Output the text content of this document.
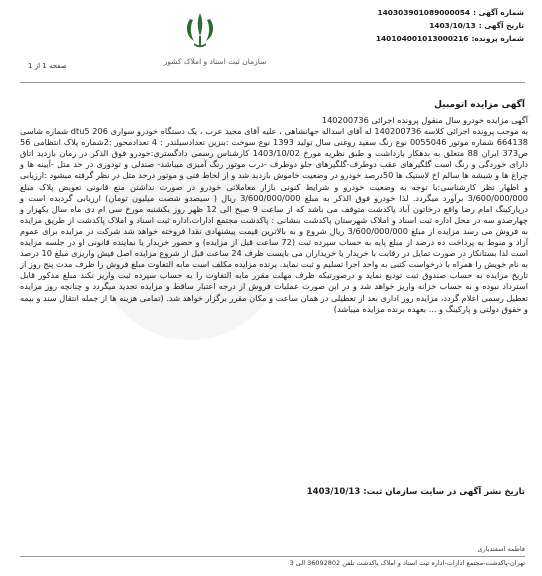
شماره آگهی :
140303901089000054
تاریخ آگهی :
1403/10/13
شماره پرونده:
140104001013000216
سازمان ثبت اسناد و املاک کشور
صفحه 1 از 1
آگهی مزایده اتومبیل

آگهی مزایده خودرو سال منقول پرونده اجرائی 140200736

به موجب پرونده اجرائی کلاسه 140200736 له آقای اسداله جهانشاهی ، علیه آقای مجید عرب ، یک دستگاه خودرو سواری 206 dtu5 شماره شاسی 664138 شماره موتور 0055046 نوع رنگ سفید روغنی سال تولید 1393 نوع سوخت :بنزین تعدادسیلندر : 4 تعدادمحور :2شماره پلاک انتظامی 56 ص373 ایران 88 متعلق به بدهکار بازداشت و طبق نظریه مورخ 1403/10/02 کارشناس رسمی دادگستری:خودرو فوق الذکر در زمان بازدید اتاق دارای خوردگی و رنگ است گلگیرهای عقب دوطرف-گلگیرهای جلو دوطرف -درب موتور رنگ آمیزی میباشد- صندلی و تودوزی در حد متل -آیینه ها و چراغ ها و شیشه ها سالم اخ لاستیک ها 50درصد خودرو در وضعیت خاموش بازدید شد و از لحاظ فنی و موتور درحد متل در نظر گرفته میشود :ارزیابی و اظهار نظر کارشناسی:با توجه به وضعیت خودرو و شرایط کنونی بازار معاملاتی خودرو در صورت نداشتن منع قانونی تعویض پلاک مبلغ 3/600/000/000 برآورد میگردد. لذا خودرو فوق الذکر به مبلغ 3/600/000/000 ریال ( سیصدو شصت میلیون تومان) ارزیابی گردیده است و درپارکینگ امام رضا واقع درخاتون آباد پاکدشت متوقف می باشد که از ساعت 9 صبح الی 12 ظهر روز یکشنبه مورخ سی ام دی ماه سال یکهزار و چهارصدو سه در محل اداره ثبت اسناد و املاک شهرستان پاکدشت بنشانی : پاکدشت مجتمع ادارات،اداره ثبت اسناد و املاک پاکدشت از طریق مزایده به فروش می رسد مزایده از مبلغ 3/600/000/000 ریال شروع و به بالاترین قیمت پیشنهادی نقدا فروخته خواهد شد شرکت در مزایده برای عموم آزاد و منوط به پرداخت ده درصد از مبلغ پایه به حساب سپرده ثبت (72 ساعت قبل از مزایده) و حضور خریدار یا نماینده قانونی او در جلسه مزایده است لذا بستانکار در صورت تمایل در رقابت با خریدار یا خریداران می بایست ظرف 24 ساعت قبل از شروع مزایده اصل فیش واریزی مبلغ 10 درصد به نام خویش را همراه با درخواست کتبی به واحد اجرا تسلیم و ثبت نماید. برنده مزایده مکلف است مابه التفاوت مبلغ فروش را ظرف مدت پنج روز از تاریخ مزایده به حساب صندوق ثبت تودیع نماید و درصورتیکه ظرف مهلت مقرر مابه التفاوت را به حساب سپرده ثبت واریز نکند مبلغ مذکور قابل استرداد نبوده و به حساب خزانه واریز خواهد شد و در این صورت عملیات فروش از درجه اعتبار ساقط و مزایده تجدید میگردد و چنانچه روز مزایده تعطیل رسمی اعلام گردد، مزایده روز اداری بعد از تعطیلی در همان ساعت و مکان مقرر برگزار خواهد شد. (تمامی هزینه ها از جمله انتقال سند و بیمه و حقوق دولتی و پارکینگ و ... بعهده برنده مزایده میباشد)

تاریخ نشر آگهی در سایت سازمان ثبت: 1403/10/13
فاطمه اسفندیاری
تهران-پاکدشت-مجتمع ادارات-اداره ثبت اسناد و املاک پاکدشت تلفن 36092802 الی 3
